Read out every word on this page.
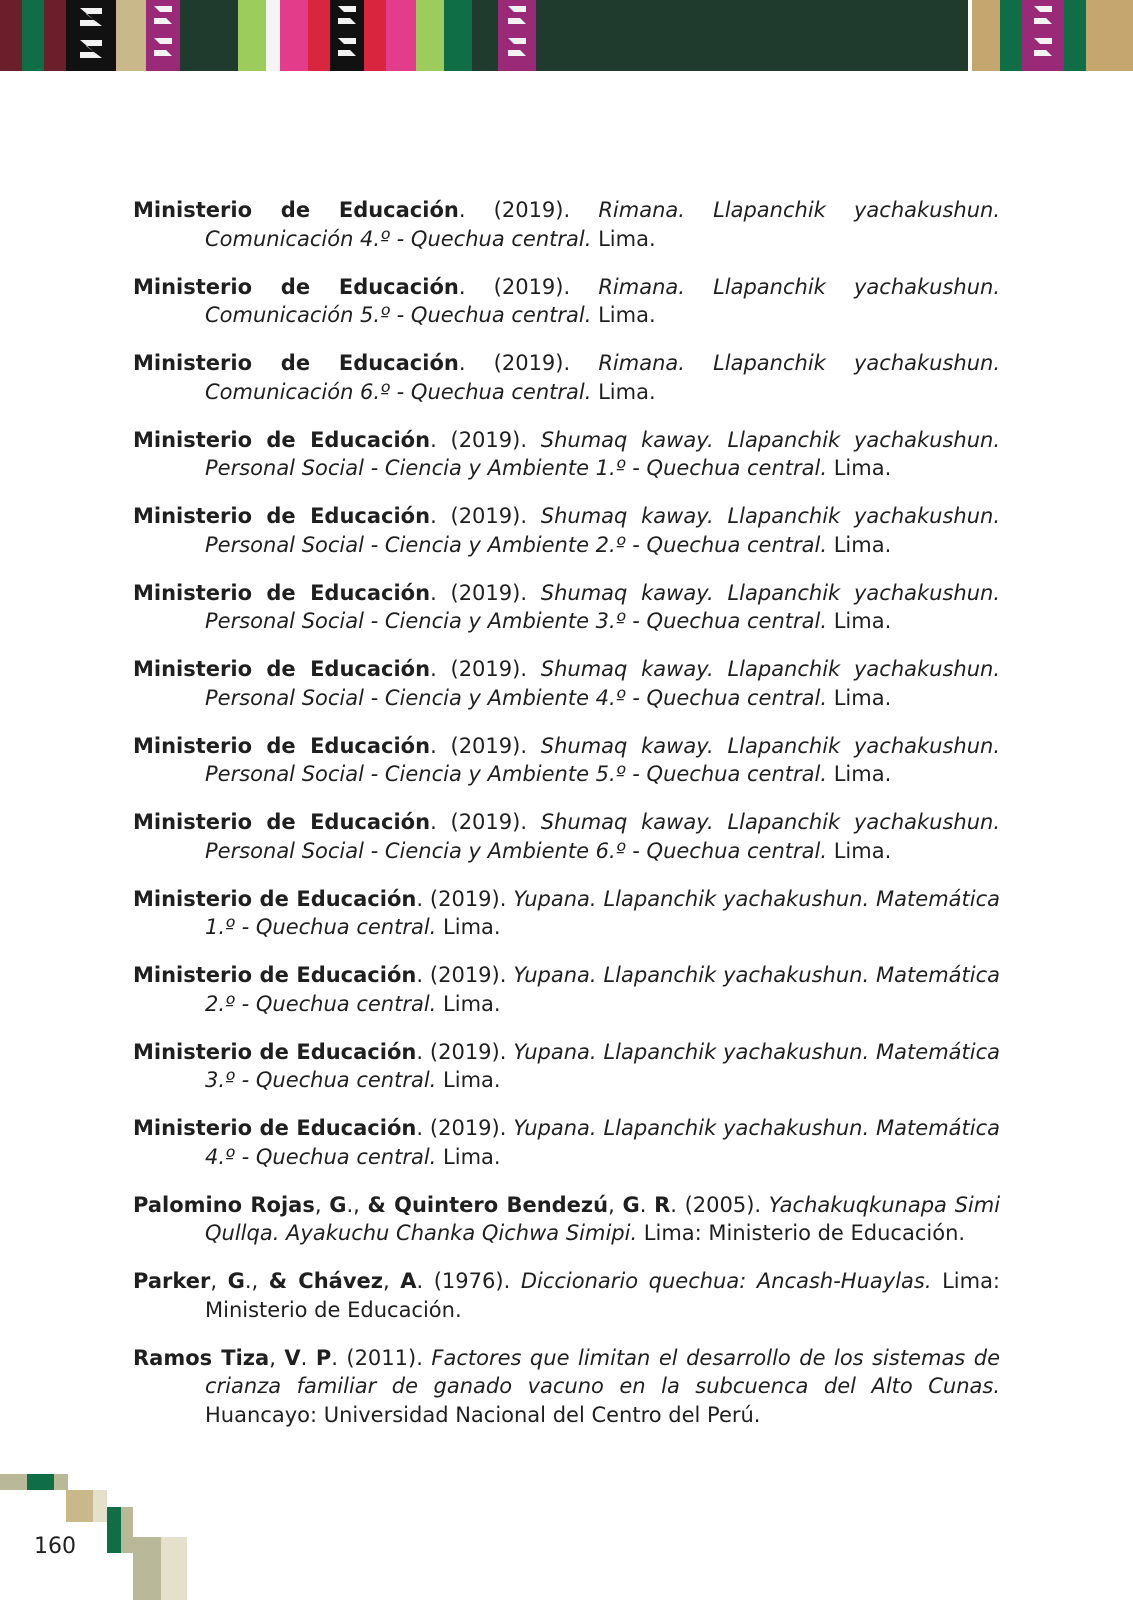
Ministerio de Educación. (2019). Rimana. Llapanchik yachakushun. Comunicación 4.º - Quechua central. Lima.

Ministerio de Educación. (2019). Rimana. Llapanchik yachakushun. Comunicación 5.º - Quechua central. Lima.

Ministerio de Educación. (2019). Rimana. Llapanchik yachakushun. Comunicación 6.º - Quechua central. Lima.

Ministerio de Educación. (2019). Shumaq kaway. Llapanchik yachakushun. Personal Social - Ciencia y Ambiente 1.º - Quechua central. Lima.

Ministerio de Educación. (2019). Shumaq kaway. Llapanchik yachakushun. Personal Social - Ciencia y Ambiente 2.º - Quechua central. Lima.

Ministerio de Educación. (2019). Shumaq kaway. Llapanchik yachakushun. Personal Social - Ciencia y Ambiente 3.º - Quechua central. Lima.

Ministerio de Educación. (2019). Shumaq kaway. Llapanchik yachakushun. Personal Social - Ciencia y Ambiente 4.º - Quechua central. Lima.

Ministerio de Educación. (2019). Shumaq kaway. Llapanchik yachakushun. Personal Social - Ciencia y Ambiente 5.º - Quechua central. Lima.

Ministerio de Educación. (2019). Shumaq kaway. Llapanchik yachakushun. Personal Social - Ciencia y Ambiente 6.º - Quechua central. Lima.

Ministerio de Educación. (2019). Yupana. Llapanchik yachakushun. Matemática 1.º - Quechua central. Lima.

Ministerio de Educación. (2019). Yupana. Llapanchik yachakushun. Matemática 2.º - Quechua central. Lima.

Ministerio de Educación. (2019). Yupana. Llapanchik yachakushun. Matemática 3.º - Quechua central. Lima.

Ministerio de Educación. (2019). Yupana. Llapanchik yachakushun. Matemática 4.º - Quechua central. Lima.

Palomino Rojas, G., & Quintero Bendezú, G. R. (2005). Yachakuqkunapa Simi Qullqa. Ayakuchu Chanka Qichwa Simipi. Lima: Ministerio de Educación.

Parker, G., & Chávez, A. (1976). Diccionario quechua: Ancash-Huaylas. Lima: Ministerio de Educación.

Ramos Tiza, V. P. (2011). Factores que limitan el desarrollo de los sistemas de crianza familiar de ganado vacuno en la subcuenca del Alto Cunas. Huancayo: Universidad Nacional del Centro del Perú.

160
